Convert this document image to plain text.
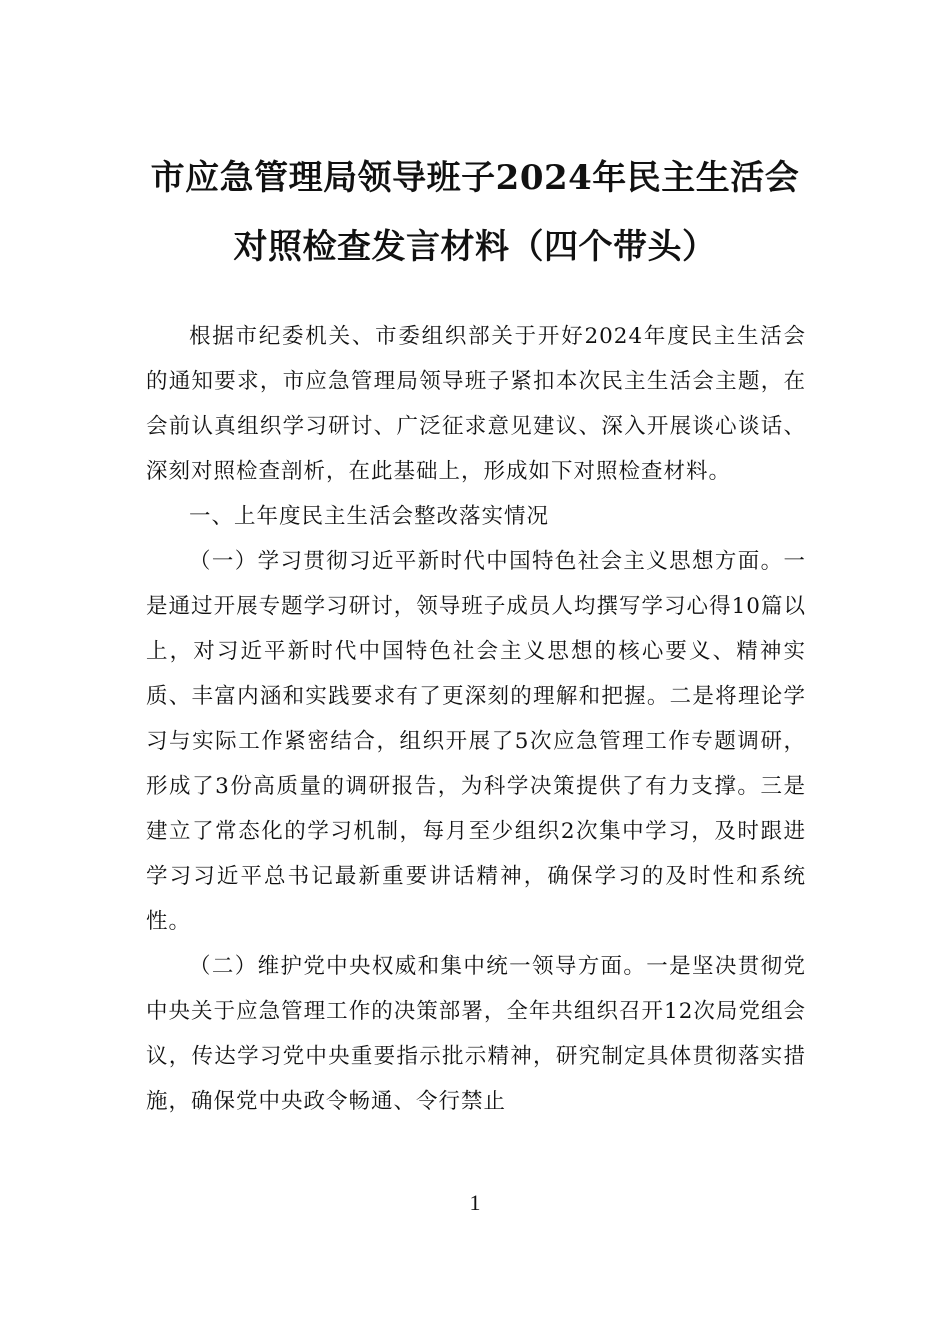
市应急管理局领导班子2024年民主生活会
对照检查发言材料（四个带头）

根据市纪委机关、市委组织部关于开好2024年度民主生活会的通知要求，市应急管理局领导班子紧扣本次民主生活会主题，在会前认真组织学习研讨、广泛征求意见建议、深入开展谈心谈话、深刻对照检查剖析，在此基础上，形成如下对照检查材料。

一、上年度民主生活会整改落实情况

（一）学习贯彻习近平新时代中国特色社会主义思想方面。一是通过开展专题学习研讨，领导班子成员人均撰写学习心得10篇以上，对习近平新时代中国特色社会主义思想的核心要义、精神实质、丰富内涵和实践要求有了更深刻的理解和把握。二是将理论学习与实际工作紧密结合，组织开展了5次应急管理工作专题调研，形成了3份高质量的调研报告，为科学决策提供了有力支撑。三是建立了常态化的学习机制，每月至少组织2次集中学习，及时跟进学习习近平总书记最新重要讲话精神，确保学习的及时性和系统性。

（二）维护党中央权威和集中统一领导方面。一是坚决贯彻党中央关于应急管理工作的决策部署，全年共组织召开12次局党组会议，传达学习党中央重要指示批示精神，研究制定具体贯彻落实措施，确保党中央政令畅通、令行禁止

1
